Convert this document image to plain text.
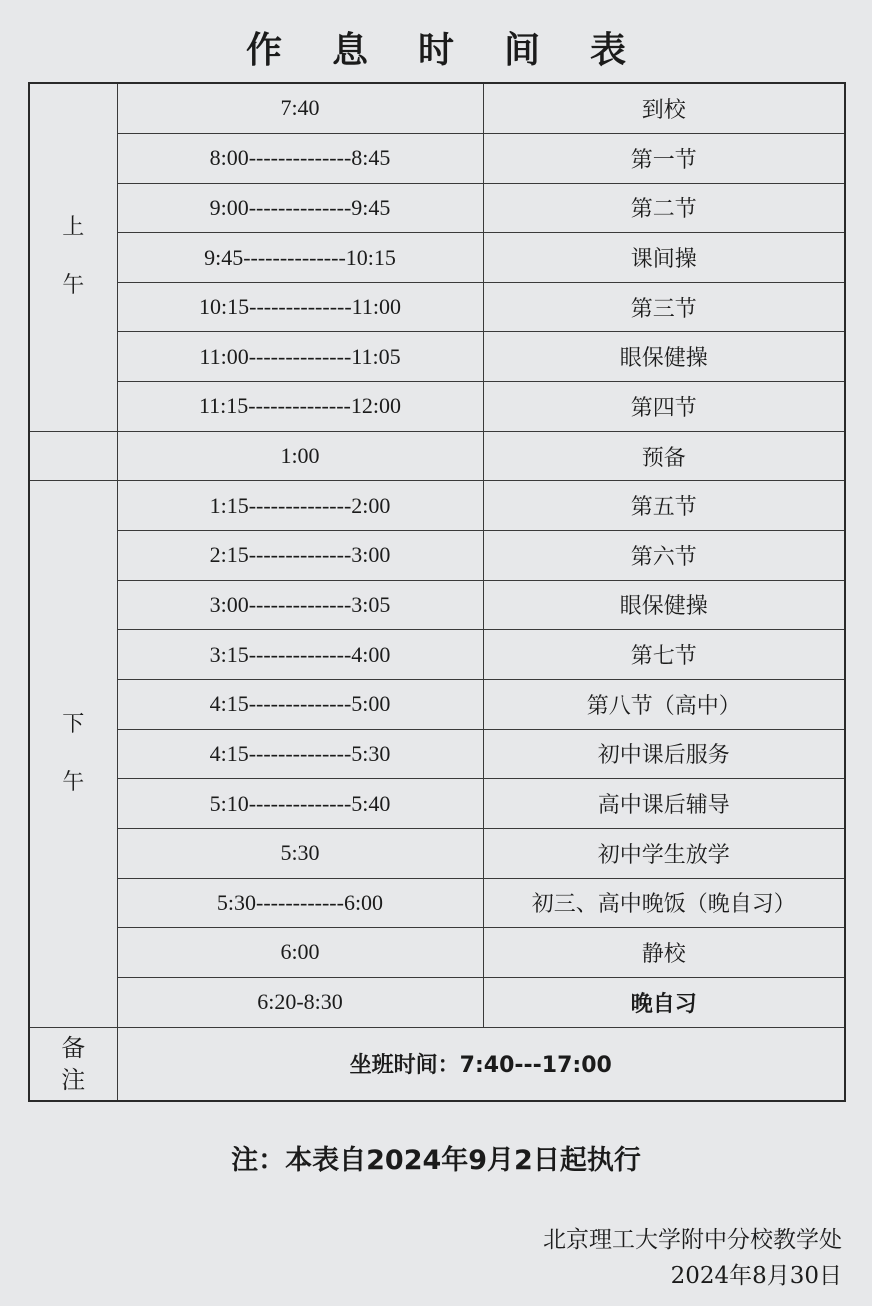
作息时间表
上
午	7:40	到校
	8:00--------------8:45	第一节
	9:00--------------9:45	第二节
	9:45--------------10:15	课间操
	10:15--------------11:00	第三节
	11:00--------------11:05	眼保健操
	11:15--------------12:00	第四节
	1:00	预备

下
午	1:15--------------2:00	第五节
	2:15--------------3:00	第六节
	3:00--------------3:05	眼保健操
	3:15--------------4:00	第七节
	4:15--------------5:00	第八节（高中）
	4:15--------------5:30	初中课后服务
	5:10--------------5:40	高中课后辅导
	5:30	初中学生放学
	5:30------------6:00	初三、高中晚饭（晚自习）
	6:00	静校
	6:20-8:30	晚自习

备
注	坐班时间：7:40---17:00	
注：本表自2024年9月2日起执行
北京理工大学附中分校教学处
2024年8月30日
